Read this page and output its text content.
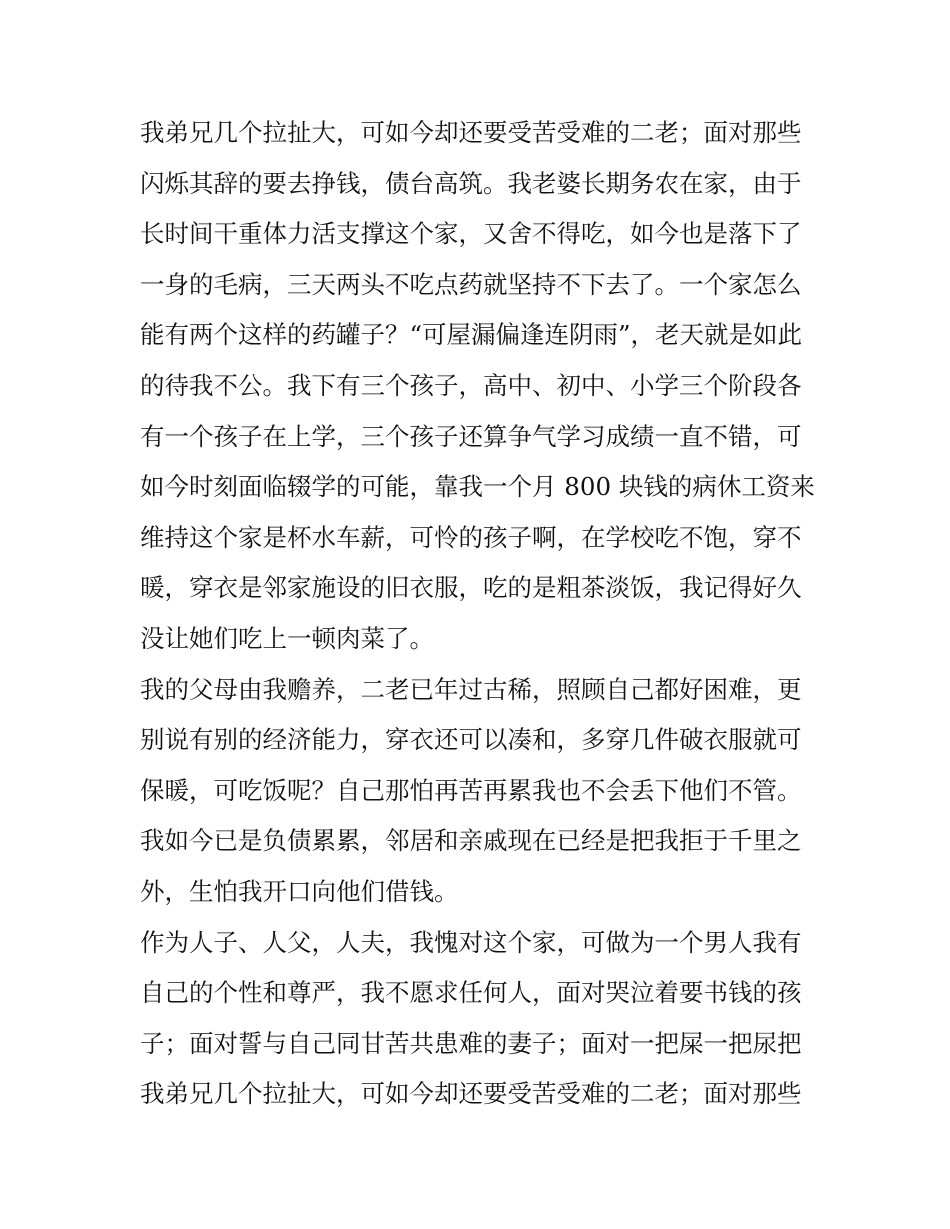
我弟兄几个拉扯大，可如今却还要受苦受难的二老；面对那些
闪烁其辞的要去挣钱，债台高筑。我老婆长期务农在家，由于
长时间干重体力活支撑这个家，又舍不得吃，如今也是落下了
一身的毛病，三天两头不吃点药就坚持不下去了。一个家怎么
能有两个这样的药罐子？“可屋漏偏逢连阴雨”，老天就是如此
的待我不公。我下有三个孩子，高中、初中、小学三个阶段各
有一个孩子在上学，三个孩子还算争气学习成绩一直不错，可
如今时刻面临辍学的可能，靠我一个月 800 块钱的病休工资来
维持这个家是杯水车薪，可怜的孩子啊，在学校吃不饱，穿不
暖，穿衣是邻家施设的旧衣服，吃的是粗茶淡饭，我记得好久
没让她们吃上一顿肉菜了。
我的父母由我赡养，二老已年过古稀，照顾自己都好困难，更
别说有别的经济能力，穿衣还可以凑和，多穿几件破衣服就可
保暖，可吃饭呢？自己那怕再苦再累我也不会丢下他们不管。
我如今已是负债累累，邻居和亲戚现在已经是把我拒于千里之
外，生怕我开口向他们借钱。
作为人子、人父，人夫，我愧对这个家，可做为一个男人我有
自己的个性和尊严，我不愿求任何人，面对哭泣着要书钱的孩
子；面对誓与自己同甘苦共患难的妻子；面对一把屎一把尿把
我弟兄几个拉扯大，可如今却还要受苦受难的二老；面对那些
